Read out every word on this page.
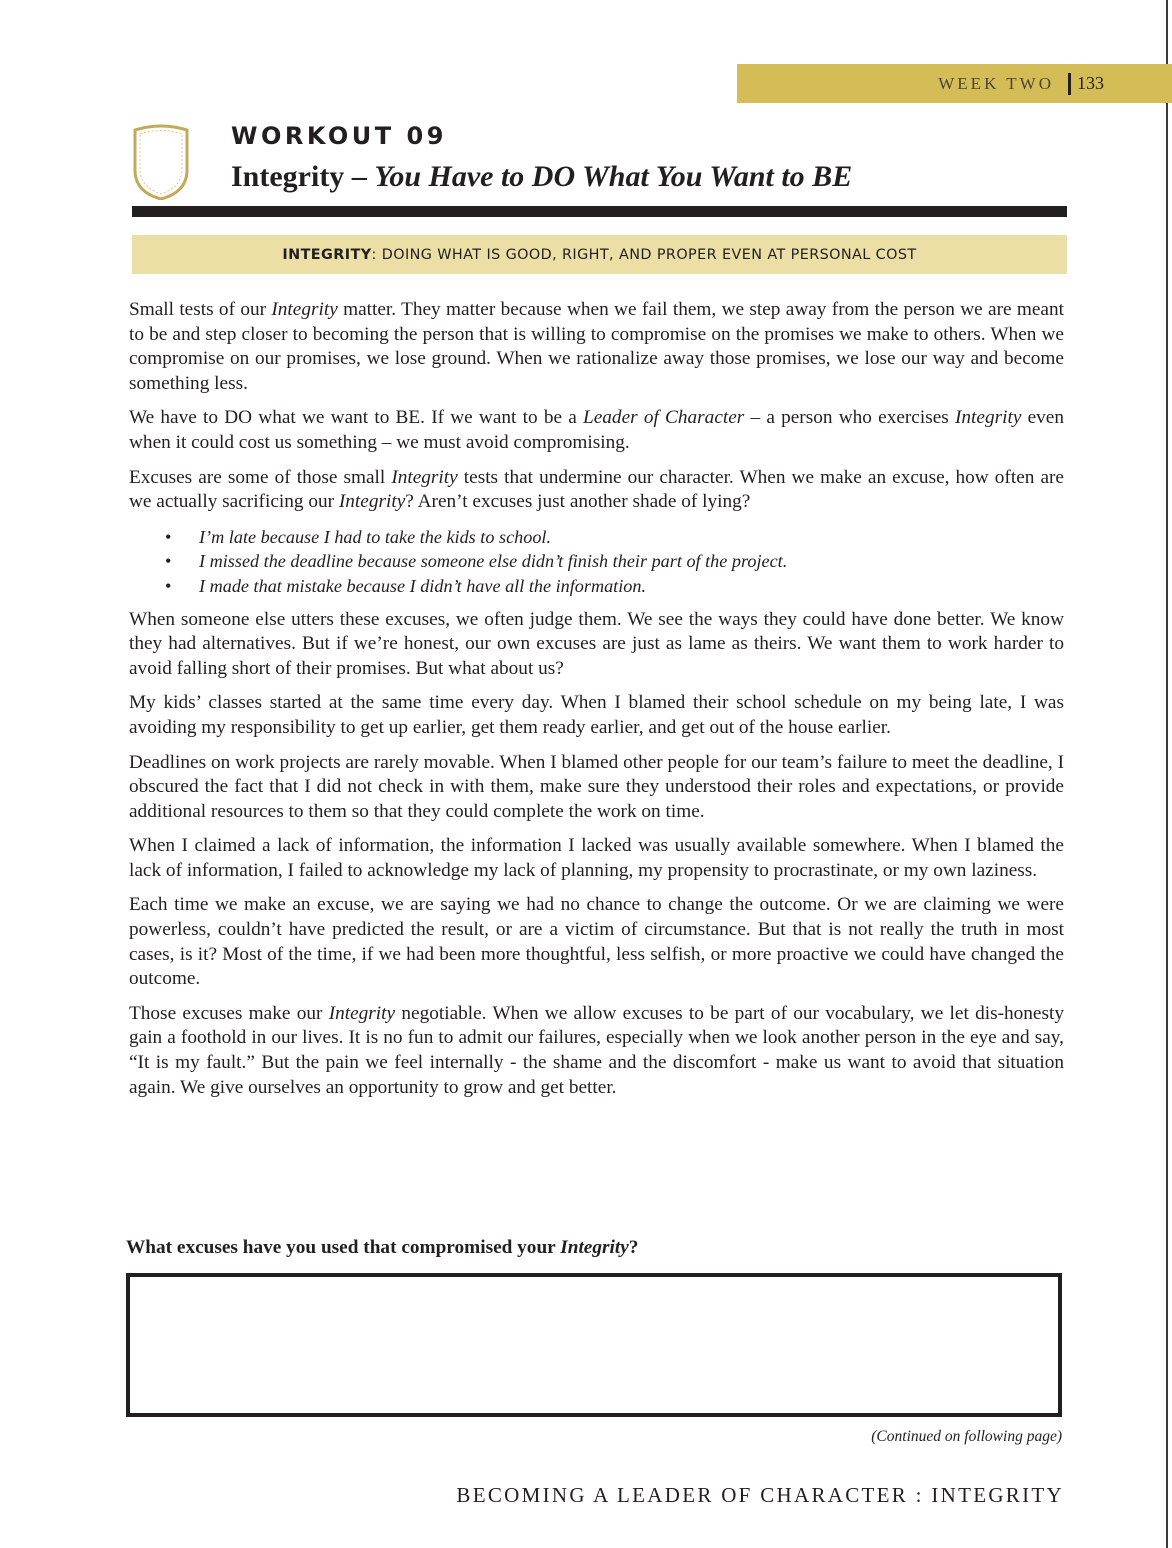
WEEK TWO 133
WORKOUT 09
Integrity – You Have to DO What You Want to BE
INTEGRITY : DOING WHAT IS GOOD, RIGHT, AND PROPER EVEN AT PERSONAL COST

Small tests of our Integrity matter. They matter because when we fail them, we step away from the person we are meant to be and step closer to becoming the person that is willing to compromise on the promises we make to others. When we compromise on our promises, we lose ground. When we rationalize away those promises, we lose our way and become something less.

We have to DO what we want to BE. If we want to be a Leader of Character – a person who exercises Integrity even when it could cost us something – we must avoid compromising.

Excuses are some of those small Integrity tests that undermine our character. When we make an excuse, how often are we actually sacrificing our Integrity? Aren’t excuses just another shade of lying?

• I’m late because I had to take the kids to school.
• I missed the deadline because someone else didn’t finish their part of the project.
• I made that mistake because I didn’t have all the information.

When someone else utters these excuses, we often judge them. We see the ways they could have done better. We know they had alternatives. But if we’re honest, our own excuses are just as lame as theirs. We want them to work harder to avoid falling short of their promises. But what about us?

My kids’ classes started at the same time every day. When I blamed their school schedule on my being late, I was avoiding my responsibility to get up earlier, get them ready earlier, and get out of the house earlier.

Deadlines on work projects are rarely movable. When I blamed other people for our team’s failure to meet the deadline, I obscured the fact that I did not check in with them, make sure they understood their roles and expectations, or provide additional resources to them so that they could complete the work on time.

When I claimed a lack of information, the information I lacked was usually available somewhere. When I blamed the lack of information, I failed to acknowledge my lack of planning, my propensity to procrastinate, or my own laziness.

Each time we make an excuse, we are saying we had no chance to change the outcome. Or we are claiming we were powerless, couldn’t have predicted the result, or are a victim of circumstance. But that is not really the truth in most cases, is it? Most of the time, if we had been more thoughtful, less selfish, or more proactive we could have changed the outcome.

Those excuses make our Integrity negotiable. When we allow excuses to be part of our vocabulary, we let dis-honesty gain a foothold in our lives. It is no fun to admit our failures, especially when we look another person in the eye and say, “It is my fault.” But the pain we feel internally - the shame and the discomfort - make us want to avoid that situation again. We give ourselves an opportunity to grow and get better.

What excuses have you used that compromised your Integrity?

(Continued on following page)

BECOMING A LEADER OF CHARACTER : INTEGRITY
